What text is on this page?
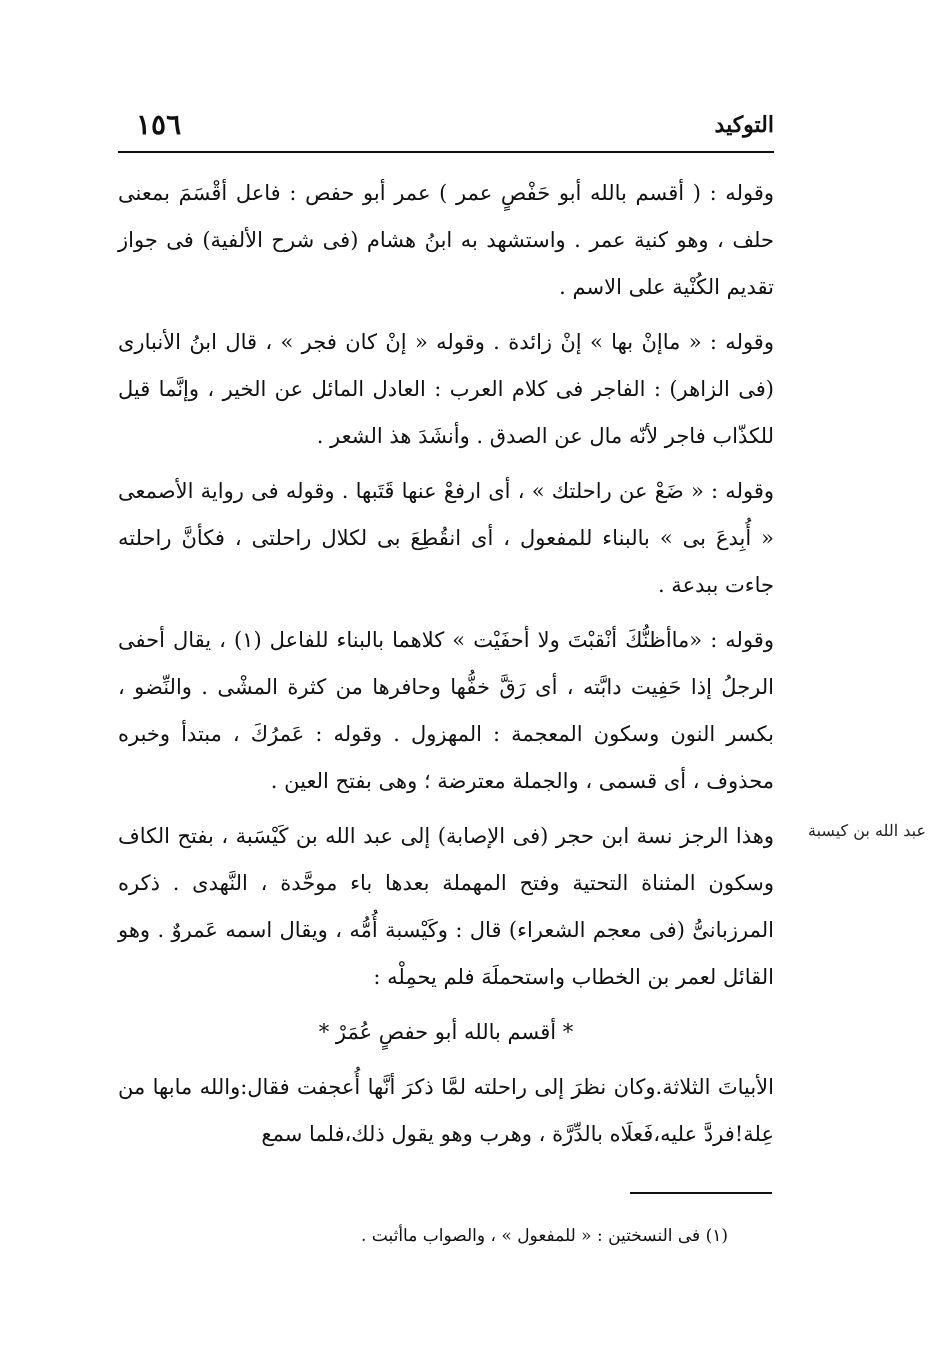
١٥٦	التوكيد

وقوله : ( أقسم بالله أبو حَفْصٍ عمر ) عمر أبو حفص : فاعل أقْسَمَ بمعنى حلف ، وهو كنية عمر . واستشهد به ابنُ هشام (فى شرح الألفية) فى جواز تقديم الكُنْية على الاسم .

وقوله : « ماإنْ بها » إنْ زائدة . وقوله « إنْ كان فجر » ، قال ابنُ الأنبارى (فى الزاهر) : الفاجر فى كلام العرب : العادل المائل عن الخير ، وإنَّما قيل للكذّاب فاجر لأنّه مال عن الصدق . وأنشَدَ هذ الشعر .

وقوله : « ضَعْ عن راحلتك » ، أى ارفعْ عنها قَتَبها . وقوله فى رواية الأصمعى « أُبِدعَ بى » بالبناء للمفعول ، أى انقُطِعَ بى لكلال راحلتى ، فكأنَّ راحلته جاءت ببدعة .

وقوله : «ماأظنُّكَ أنْقبْتَ ولا أحفَيْت » كلاهما بالبناء للفاعل (١) ، يقال أحفى الرجلُ إذا حَفِيت دابَّته ، أى رَقَّ خفُّها وحافرها من كثرة المشْى . والنِّضو ، بكسر النون وسكون المعجمة : المهزول . وقوله : عَمرُكَ ، مبتدأ وخبره محذوف ، أى قسمى ، والجملة معترضة ؛ وهى بفتح العين .

وهذا الرجز نسة ابن حجر (فى الإصابة) إلى عبد الله بن كَيْسَبة ، بفتح الكاف وسكون المثناة التحتية وفتح المهملة بعدها باء موحَّدة ، النَّهدى . ذكره المرزبانىُّ (فى معجم الشعراء) قال : وكَيْسبة أُمُّه ، ويقال اسمه عَمروٌ . وهو القائل لعمر بن الخطاب واستحملَهَ فلم يحمِلْه :

* أقسم بالله أبو حفصٍ عُمَرْ *

الأبياتَ الثلاثة.وكان نظرَ إلى راحلته لمَّا ذكرَ أنَّها أُعجفت فقال:والله مابها من عِلة!فردَّ عليه،فَعلَاه بالدِّرَّة ، وهرب وهو يقول ذلك،فلما سمع

عبد الله بن كيسبة
(١) فى النسختين : « للمفعول » ، والصواب ماأثبت .
